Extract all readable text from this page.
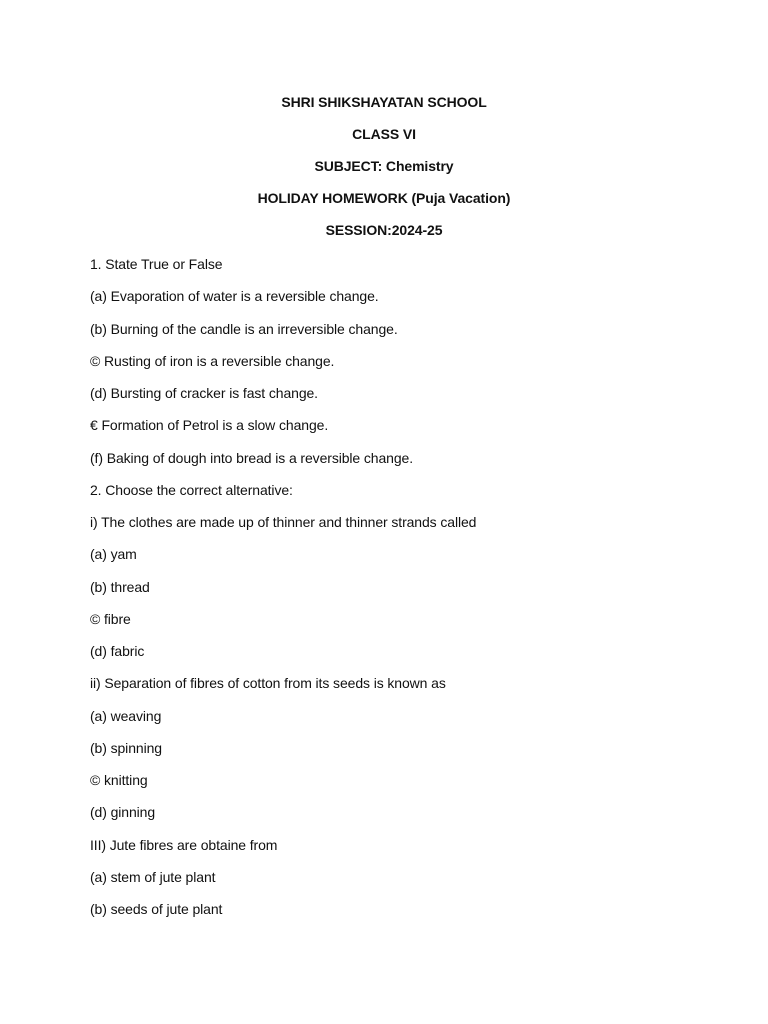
SHRI SHIKSHAYATAN SCHOOL
CLASS VI
SUBJECT: Chemistry
HOLIDAY HOMEWORK (Puja Vacation)
SESSION:2024-25
1. State True or False
(a) Evaporation of water is a reversible change.
(b) Burning of the candle is an irreversible change.
© Rusting of iron is a reversible change.
(d) Bursting of cracker is fast change.
€ Formation of Petrol is a slow change.
(f) Baking of dough into bread is a reversible change.
2. Choose the correct alternative:
i) The clothes are made up of thinner and thinner strands called
(a) yam
(b) thread
© fibre
(d) fabric
ii) Separation of fibres of cotton from its seeds is known as
(a) weaving
(b) spinning
© knitting
(d) ginning
III) Jute fibres are obtaine from
(a) stem of jute plant
(b) seeds of jute plant
